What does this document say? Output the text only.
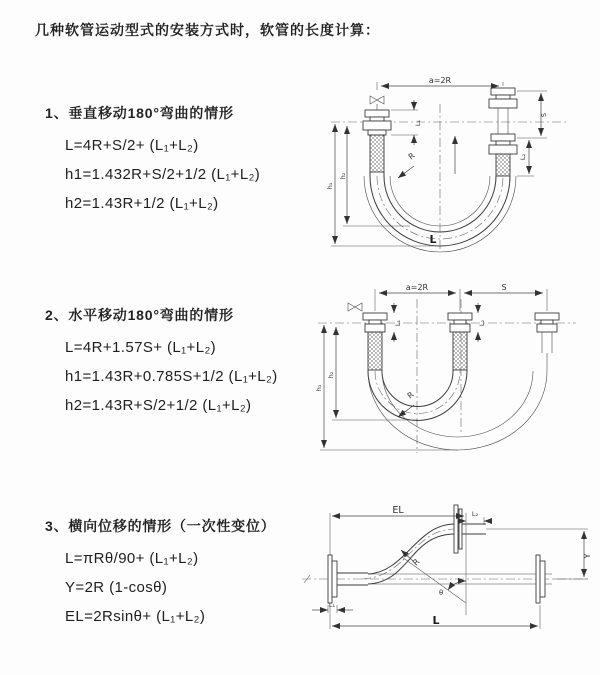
几种软管运动型式的安装方式时，软管的长度计算：
1、垂直移动180°弯曲的情形
L=4R+S/2+ (L₁+L₂)
h1=1.432R+S/2+1/2 (L₁+L₂)
h2=1.43R+1/2 (L₁+L₂)
R
a=2R
h₁
h₂
L₁
S
L₂
L
2、水平移动180°弯曲的情形
L=4R+1.57S+ (L₁+L₂)
h1=1.43R+0.785S+1/2 (L₁+L₂)
h2=1.43R+S/2+1/2 (L₁+L₂)
R
a=2R	S
h₁
h₂
L₁	L₂
3、横向位移的情形（一次性变位）
L=πRθ/90+ (L₁+L₂)
Y=2R (1-cosθ)
EL=2Rsinθ+ (L₁+L₂)
θ
R
EL	L₂
Y
L
L₁
